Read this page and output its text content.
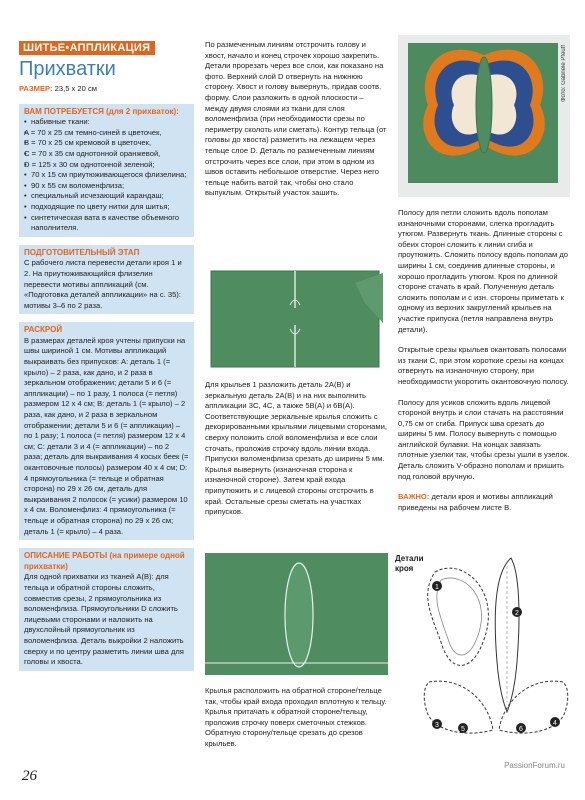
ШИТЬЕ•АППЛИКАЦИЯ
Прихватки

РАЗМЕР: 23,5 х 20 см

ВАМ ПОТРЕБУЕТСЯ (для 2 прихваток):

• набивные ткани:
• A = 70 х 25 см темно-синей в цветочек,
• B = 70 х 25 см кремовой в цветочек,
• C = 70 х 35 см однотонной оранжевой,
• D = 125 х 30 см однотонной зеленой;
• 70 х 15 см приутюживающегося флизелина;
• 90 х 55 см воломенфлиза;
• специальный исчезающий карандаш;
• подходящие по цвету нитки для шитья;
• синтетическая вата в качестве объемного наполнителя.

ПОДГОТОВИТЕЛЬНЫЙ ЭТАП

С рабочего листа перевести детали кроя 1 и 2. На приутюживающийся флизелин перевести мотивы аппликаций (см. «Подготовка деталей аппликации» на с. 35): мотивы 3–6 по 2 раза.

РАСКРОЙ

В размерах деталей кроя учтены припуски на швы шириной 1 см. Мотивы аппликаций выкраивать без припусков: A: деталь 1 (= крыло) – 2 раза, как дано, и 2 раза в зеркальном отображении; детали 5 и 6 (= аппликации) – по 1 разу, 1 полоса (= петля) размером 12 х 4 см; B: деталь 1 (= крыло) – 2 раза, как дано, и 2 раза в зеркальном отображении; детали 5 и 6 (= аппликации) – по 1 разу; 1 полоса (= петля) размером 12 х 4 см; C: детали 3 и 4 (= аппликации) – по 2 раза; деталь для выкраивания 4 косых беек (= окантовочные полосы) размером 40 х 4 см; D: 4 прямоугольника (= тельце и обратная сторона) по 29 х 26 см, деталь для выкраивания 2 полосок (= усики) размером 10 х 4 см. Воломенфлиз: 4 прямоугольника (= тельце и обратная сторона) по 29 х 26 см; деталь 1 (= крыло) – 4 раза.

ОПИСАНИЕ РАБОТЫ (на примере одной прихватки)

Для одной прихватки из тканей A(B): для тельца и обратной стороны сложить, совместив срезы, 2 прямоугольника из воломенфлиза. Прямоугольники D сложить лицевыми сторонами и наложить на двухслойный прямоугольник из воломенфлиза. Деталь выкройки 2 наложить сверху и по центру разметить линии шва для головы и хвоста.

По размеченным линиям отстрочить голову и хвост, начало и конец строчек хорошо закрепить. Детали прорезать через все слои, как показано на фото. Верхний слой D отвернуть на нижнюю сторону. Хвост и голову вывернуть, придав соотв. форму. Слои разложить в одной плоскости – между двумя слоями из ткани для слоя воломенфлиза (при необходимости срезы по периметру сколоть или сметать). Контур тельца (от головы до хвоста) разметить на лежащем через тельце слое D. Деталь по размеченным линиям отстрочить через все слои, при этом в одном из швов оставить небольшое отверстие. Через него тельце набить ватой так, чтобы оно стало выпуклым. Открытый участок зашить.

Для крыльев 1 разложить деталь 2A(B) и зеркальную деталь 2A(B) и на них выполнить аппликации 3C, 4C, а также 5B(A) и 6B(A). Соответствующие зеркальные крылья сложить с декорированными крыльями лицевыми сторонами, сверху положить слой воломенфлиза и все слои сточать, проложив строчку вдоль линии входа. Припуски воломенфлиза срезать до ширины 5 мм. Крылья вывернуть (изнаночная сторона к изнаночной стороне). Затем край входа припутюжить и с лицевой стороны отстрочить в край. Остальные срезы сметать на участках припусков.

Крылья расположить на обратной стороне/тельце так, чтобы край входа проходил вплотную к тельцу. Крылья притачать к обратной стороне/тельцу, проложив строчку поверх сметочных стежков. Обратную сторону/тельце срезать до срезов крыльев.

Фото: Gabriele Pfeuff

Полосу для петли сложить вдоль пополам изнаночными сторонами, слегка прогладить утюгом. Развернуть ткань. Длинные стороны с обеих сторон сложить к линии сгиба и проутюжить. Сложить полосу вдоль пополам до ширины 1 см, соединив длинные стороны, и хорошо прогладить утюгом. Кроя по длинной стороне стачать в край. Полученную деталь сложить пополам и с изн. стороны приметать к одному из верхних закруглений крыльев на участке припуска (петля направлена внутрь детали).

Открытые срезы крыльев окантовать полосами из ткани C, при этом короткие срезы на концах отвернуть на изнаночную сторону, при необходимости укоротить окантовочную полосу.

Полосу для усиков сложить вдоль лицевой стороной внутрь и слои стачать на расстоянии 0,75 см от сгиба. Припуск шва срезать до ширины 5 мм. Полосу вывернуть с помощью английской булавки. На концах завязать плотные узелки так, чтобы срезы ушли в узелок. Деталь сложить V-образно пополам и пришить под головой вручную.

ВАЖНО: детали кроя и мотивы аппликаций приведены на рабочем листе B.

Детали кроя
1
2
3	4
5	6
26
PassionForum.ru
